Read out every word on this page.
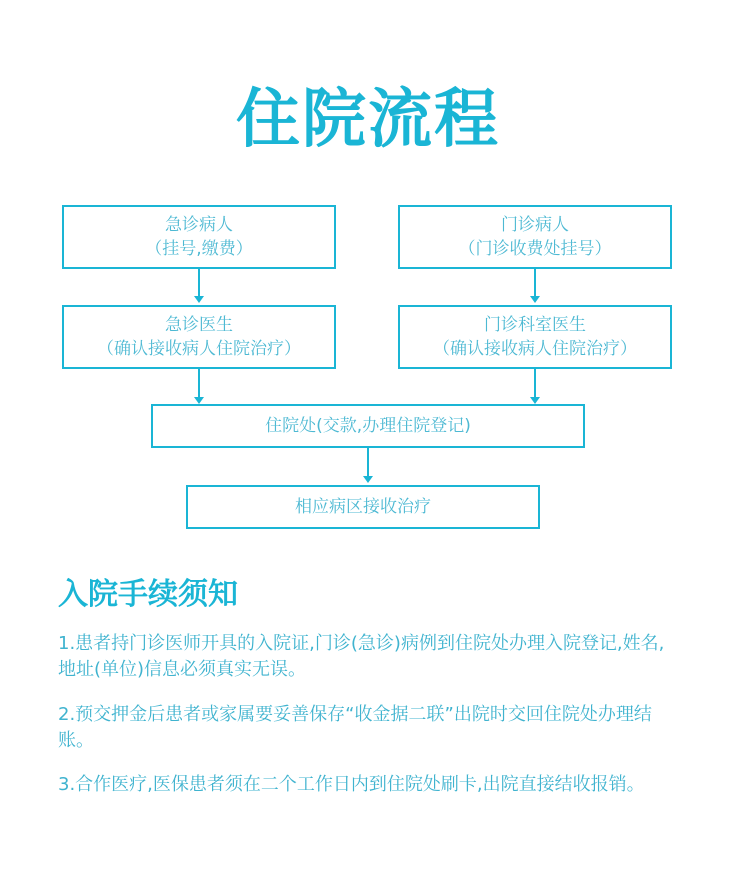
住院流程
急诊病人
（挂号,缴费）
门诊病人
（门诊收费处挂号）
急诊医生
（确认接收病人住院治疗）
门诊科室医生
（确认接收病人住院治疗）
住院处(交款,办理住院登记)
相应病区接收治疗
入院手续须知
1.患者持门诊医师开具的入院证,门诊(急诊)病例到住院处办理入院登记,姓名,地址(单位)信息必须真实无误。
2.预交押金后患者或家属要妥善保存“收金据二联”出院时交回住院处办理结账。
3.合作医疗,医保患者须在二个工作日内到住院处刷卡,出院直接结收报销。
